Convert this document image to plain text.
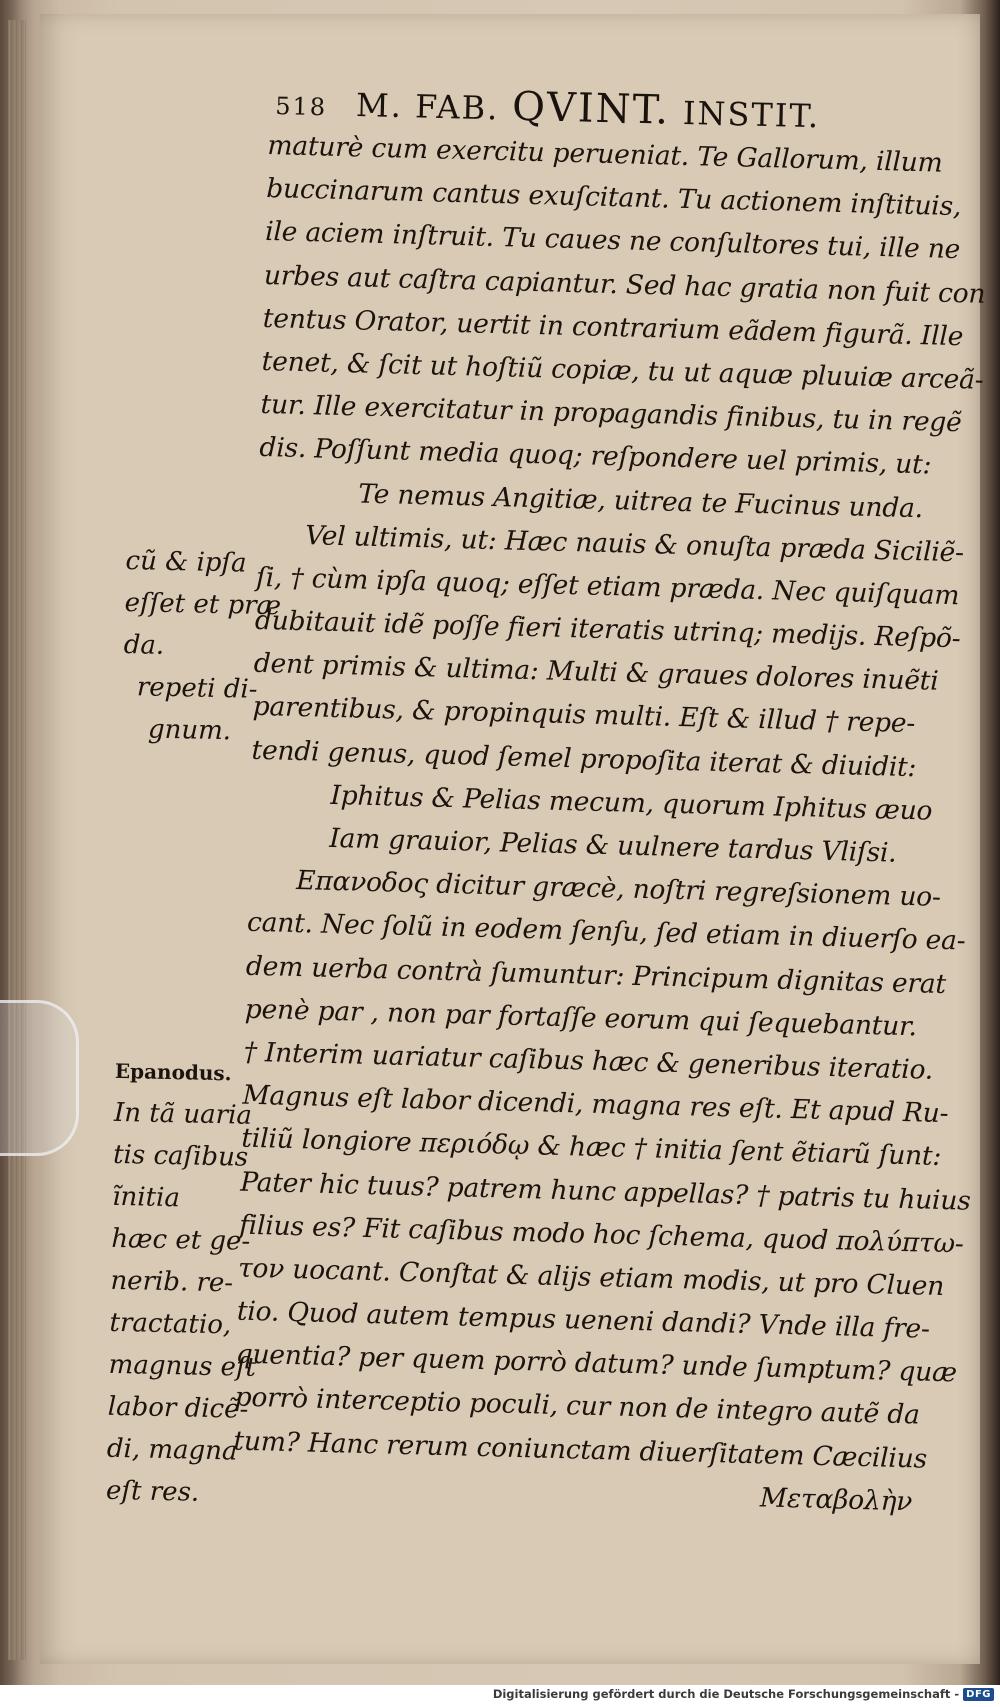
518 M. FAB. QVINT. INSTIT.
maturè cum exercitu perueniat. Te Gallorum, illum
buccinarum cantus exuſcitant. Tu actionem inſtituis,
ile aciem inſtruit. Tu caues ne conſultores tui, ille ne
urbes aut caſtra capiantur. Sed hac gratia non fuit con
tentus Orator, uertit in contrarium eãdem figurã. Ille
tenet, & ſcit ut hoſtiũ copiæ, tu ut aquæ pluuiæ arceã-
tur. Ille exercitatur in propagandis finibus, tu in regẽ
dis. Poſſunt media quoq; reſpondere uel primis, ut:
Te nemus Angitiæ, uitrea te Fucinus unda.
Vel ultimis, ut: Hæc nauis & onuſta præda Siciliẽ-
ſi, † cùm ipſa quoq; eſſet etiam præda. Nec quiſquam
dubitauit idẽ poſſe fieri iteratis utrinq; medijs. Reſpõ-
dent primis & ultima: Multi & graues dolores inuẽti
parentibus, & propinquis multi. Eſt & illud † repe-
tendi genus, quod ſemel propoſita iterat & diuidit:
Iphitus & Pelias mecum, quorum Iphitus æuo
Iam grauior, Pelias & uulnere tardus Vliſsi.
Επανοδος dicitur græcè, noſtri regreſsionem uo-
cant. Nec ſolũ in eodem ſenſu, ſed etiam in diuerſo ea-
dem uerba contrà ſumuntur: Principum dignitas erat
penè par , non par fortaſſe eorum qui ſequebantur.
† Interim uariatur caſibus hæc & generibus iteratio.
Magnus eſt labor dicendi, magna res eſt. Et apud Ru-
tiliũ longiore περιόδῳ & hæc † initia ſent ẽtiarũ ſunt:
Pater hic tuus? patrem hunc appellas? † patris tu huius
filius es? Fit caſibus modo hoc ſchema, quod πολύπτω-
τον uocant. Conſtat & alijs etiam modis, ut pro Cluen
tio. Quod autem tempus ueneni dandi? Vnde illa fre-
quentia? per quem porrò datum? unde ſumptum? quæ
porrò interceptio poculi, cur non de integro autẽ da
tum? Hanc rerum coniunctam diuerſitatem Cæcilius
Μεταβολὴν
cũ & ipſa
eſſet et præ
da.
repeti di-
gnum.
Epanodus.
In tã uaria
tis caſibus
ĩnitia
hæc et ge-
nerib. re-
tractatio,
magnus eſt
labor dicẽ-
di, magna
eſt res.
Digitalisierung gefördert durch die Deutsche Forschungsgemeinschaft - DFG
